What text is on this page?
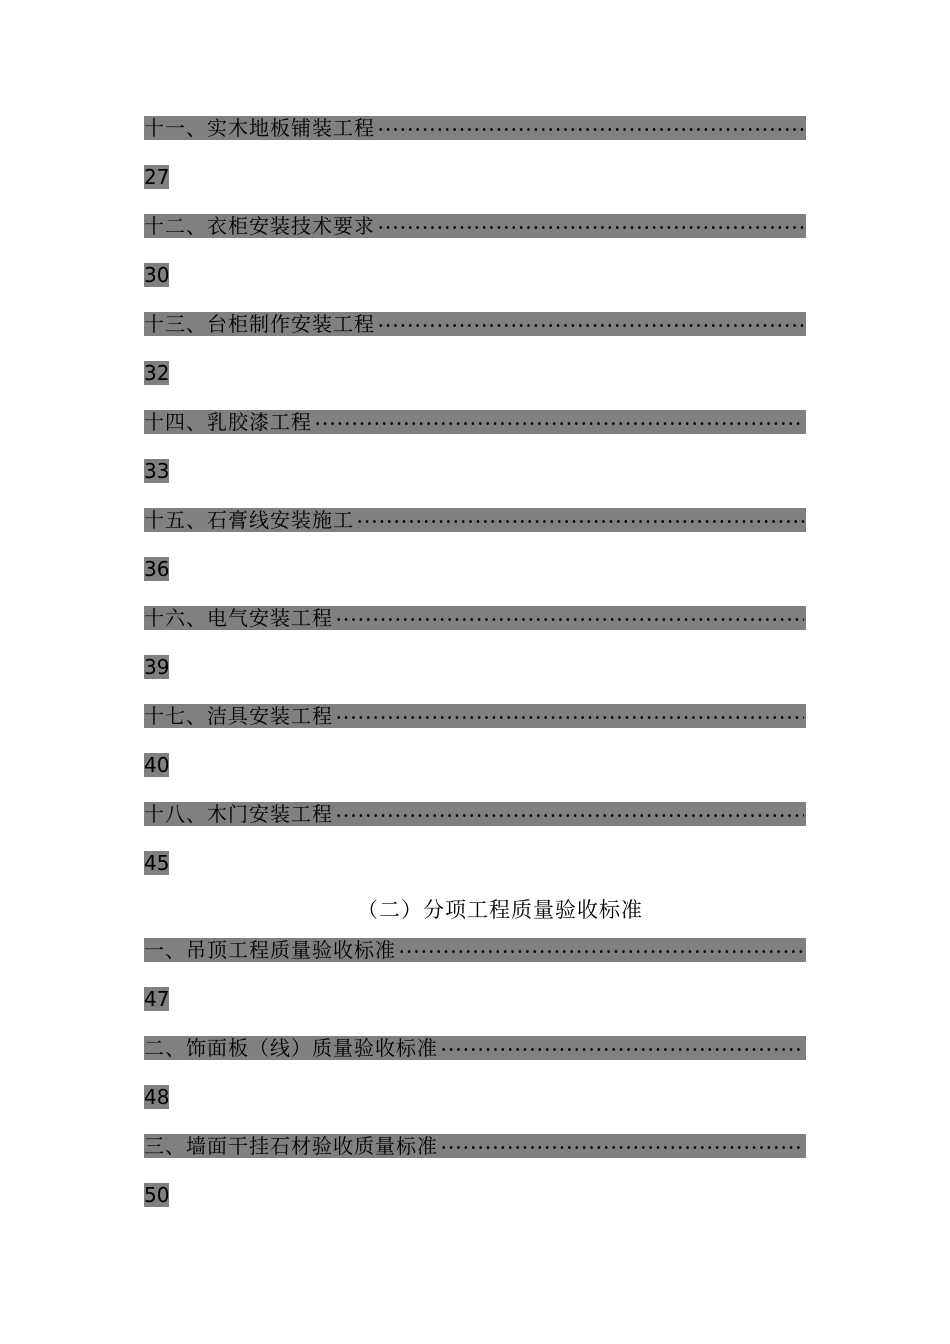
十一、实木地板铺装工程
27
十二、衣柜安装技术要求
30
十三、台柜制作安装工程
32
十四、乳胶漆工程
33
十五、石膏线安装施工
36
十六、电气安装工程
39
十七、洁具安装工程
40
十八、木门安装工程
45
（二）分项工程质量验收标准
一、吊顶工程质量验收标准
47
二、饰面板（线）质量验收标准
48
三、墙面干挂石材验收质量标准
50
